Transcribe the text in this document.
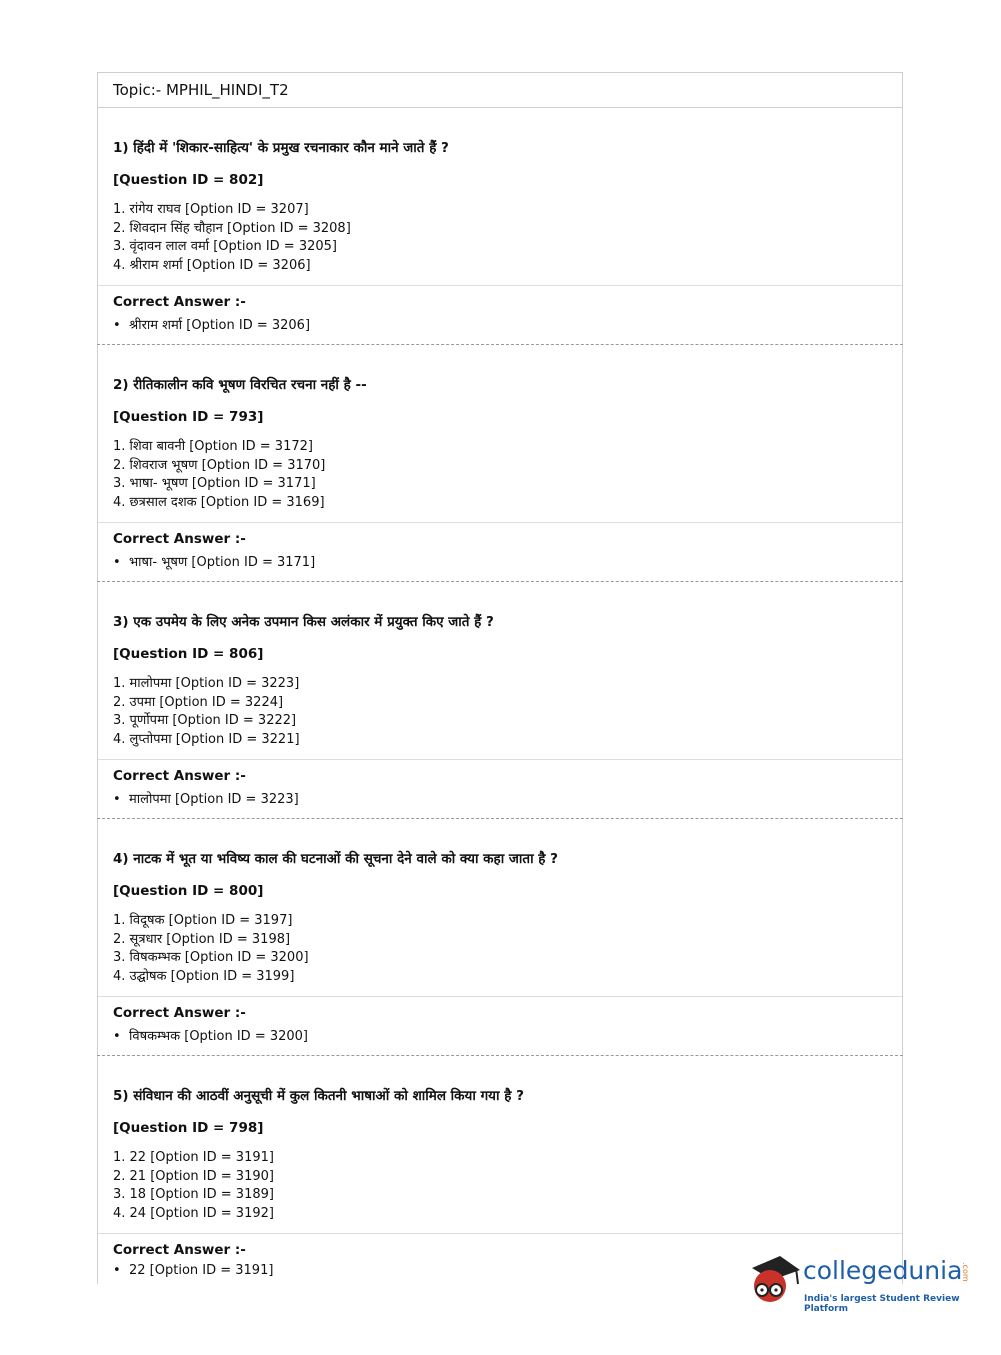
Topic:- MPHIL_HINDI_T2
1) हिंदी में 'शिकार-साहित्य' के प्रमुख रचनाकार कौन माने जाते हैं ?
[Question ID = 802]
1. रांगेय राघव [Option ID = 3207]
2. शिवदान सिंह चौहान [Option ID = 3208]
3. वृंदावन लाल वर्मा [Option ID = 3205]
4. श्रीराम शर्मा [Option ID = 3206]
Correct Answer :-
• श्रीराम शर्मा [Option ID = 3206]
2) रीतिकालीन कवि भूषण विरचित रचना नहीं है --
[Question ID = 793]
1. शिवा बावनी [Option ID = 3172]
2. शिवराज भूषण [Option ID = 3170]
3. भाषा- भूषण [Option ID = 3171]
4. छत्रसाल दशक [Option ID = 3169]
Correct Answer :-
• भाषा- भूषण [Option ID = 3171]
3) एक उपमेय के लिए अनेक उपमान किस अलंकार में प्रयुक्त किए जाते हैं ?
[Question ID = 806]
1. मालोपमा [Option ID = 3223]
2. उपमा [Option ID = 3224]
3. पूर्णोपमा [Option ID = 3222]
4. लुप्तोपमा [Option ID = 3221]
Correct Answer :-
• मालोपमा [Option ID = 3223]
4) नाटक में भूत या भविष्य काल की घटनाओं की सूचना देने वाले को क्या कहा जाता है ?
[Question ID = 800]
1. विदूषक [Option ID = 3197]
2. सूत्रधार [Option ID = 3198]
3. विषकम्भक [Option ID = 3200]
4. उद्घोषक [Option ID = 3199]
Correct Answer :-
• विषकम्भक [Option ID = 3200]
5) संविधान की आठवीं अनुसूची में कुल कितनी भाषाओं को शामिल किया गया है ?
[Question ID = 798]
1. 22 [Option ID = 3191]
2. 21 [Option ID = 3190]
3. 18 [Option ID = 3189]
4. 24 [Option ID = 3192]
Correct Answer :-
• 22 [Option ID = 3191]	collegedunia
.com
India's largest Student Review Platform
